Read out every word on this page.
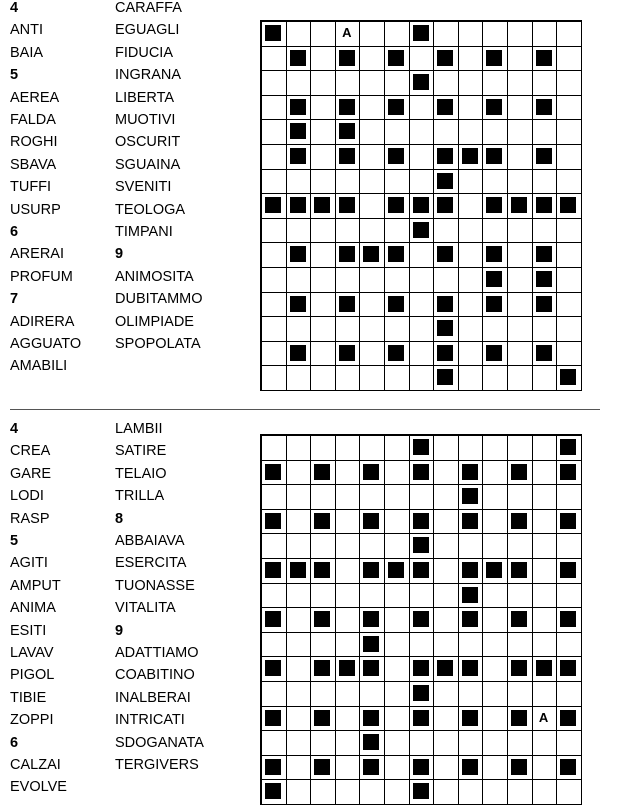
4
ANTI
BAIA
5
AEREA
FALDA
ROGHI
SBAVA
TUFFI
USURP
6
ARERAI
PROFUM
7
ADIRERA
AGGUATO
AMABILI
CARAFFA
EGUAGLI
FIDUCIA
INGRANA
LIBERTA
MUOTIVI
OSCURIT
SGUAINA
SVENITI
TEOLOGA
TIMPANI
9
ANIMOSITA
DUBITAMMO
OLIMPIADE
SPOPOLATA
A
4
CREA
GARE
LODI
RASP
5
AGITI
AMPUT
ANIMA
ESITI
LAVAV
PIGOL
TIBIE
ZOPPI
6
CALZAI
EVOLVE
LAMBII
SATIRE
TELAIO
TRILLA
8
ABBAIAVA
ESERCITA
TUONASSE
VITALITA
9
ADATTIAMO
COABITINO
INALBERAI
INTRICATI
SDOGANATA
TERGIVERS
A
